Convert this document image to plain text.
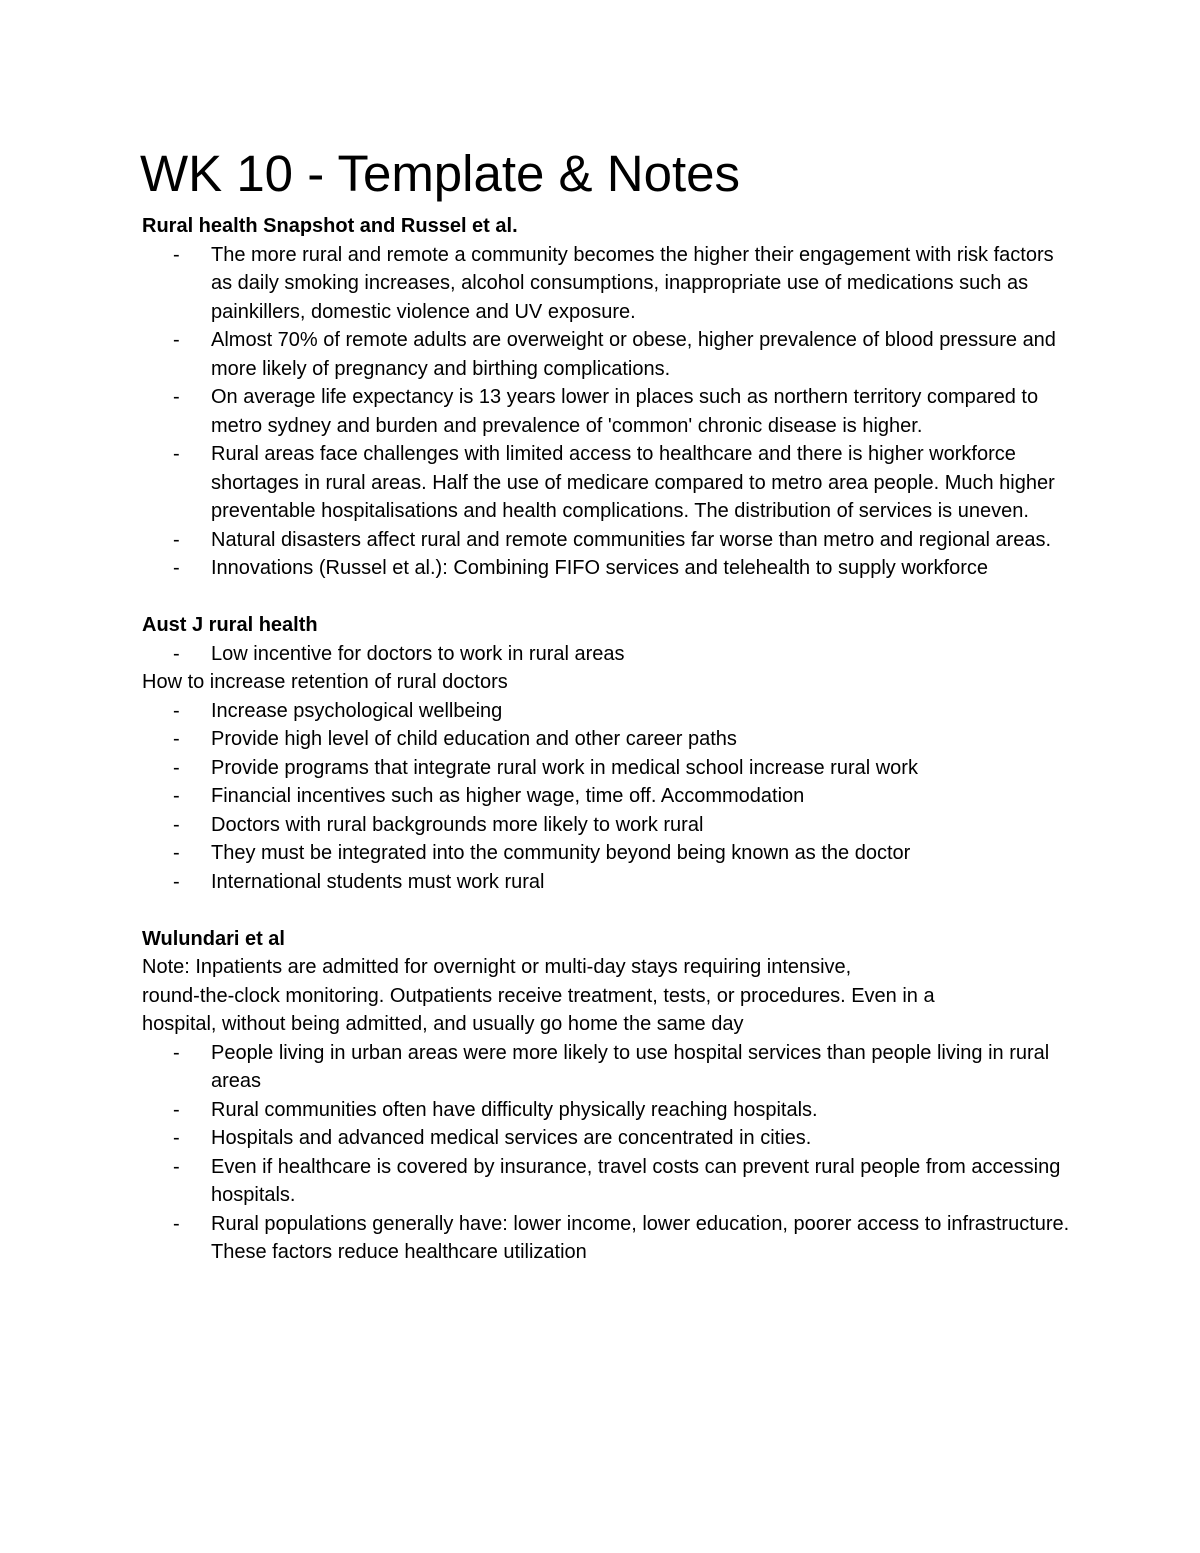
WK 10 - Template & Notes

Rural health Snapshot and Russel et al.

- The more rural and remote a community becomes the higher their engagement with risk factors as daily smoking increases, alcohol consumptions, inappropriate use of medications such as painkillers, domestic violence and UV exposure.
- Almost 70% of remote adults are overweight or obese, higher prevalence of blood pressure and more likely of pregnancy and birthing complications.
- On average life expectancy is 13 years lower in places such as northern territory compared to metro sydney and burden and prevalence of 'common' chronic disease is higher.
- Rural areas face challenges with limited access to healthcare and there is higher workforce shortages in rural areas. Half the use of medicare compared to metro area people. Much higher preventable hospitalisations and health complications. The distribution of services is uneven.
- Natural disasters affect rural and remote communities far worse than metro and regional areas.
- Innovations (Russel et al.): Combining FIFO services and telehealth to supply workforce

Aust J rural health

- Low incentive for doctors to work in rural areas

How to increase retention of rural doctors

- Increase psychological wellbeing
- Provide high level of child education and other career paths
- Provide programs that integrate rural work in medical school increase rural work
- Financial incentives such as higher wage, time off. Accommodation
- Doctors with rural backgrounds more likely to work rural
- They must be integrated into the community beyond being known as the doctor
- International students must work rural

Wulundari et al

Note: Inpatients are admitted for overnight or multi-day stays requiring intensive,

round-the-clock monitoring. Outpatients receive treatment, tests, or procedures. Even in a

hospital, without being admitted, and usually go home the same day

- People living in urban areas were more likely to use hospital services than people living in rural areas
- Rural communities often have difficulty physically reaching hospitals.
- Hospitals and advanced medical services are concentrated in cities.
- Even if healthcare is covered by insurance, travel costs can prevent rural people from accessing hospitals.
- Rural populations generally have: lower income, lower education, poorer access to infrastructure. These factors reduce healthcare utilization
